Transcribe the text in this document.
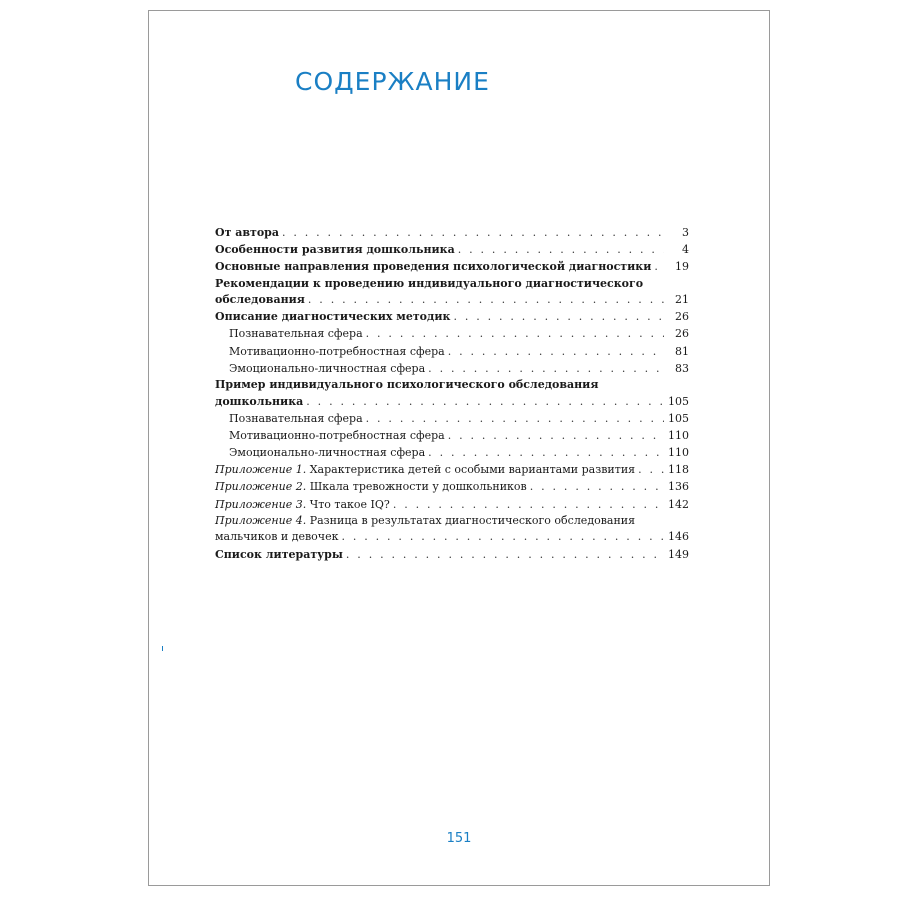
СОДЕРЖАНИЕ
От автора . . .	3
Особенности развития дошкольника . . .	4
Основные направления проведения психологической диагностики . . .	19
Рекомендации к проведению индивидуального диагностического
обследования . . .	21
Описание диагностических методик . . .	26
Познавательная сфера . . .	26
Мотивационно-потребностная сфера . . .	81
Эмоционально-личностная сфера . . .	83
Пример индивидуального психологического обследования
дошкольника . . .	105
Познавательная сфера . . .	105
Мотивационно-потребностная сфера . . .	110
Эмоционально-личностная сфера . . .	110
Приложение 1. Характеристика детей с особыми вариантами развития . . .	118
Приложение 2. Шкала тревожности у дошкольников . . .	136
Приложение 3. Что такое IQ? . . .	142
Приложение 4. Разница в результатах диагностического обследования
мальчиков и девочек . . .	146
Список литературы . . .	149
151
